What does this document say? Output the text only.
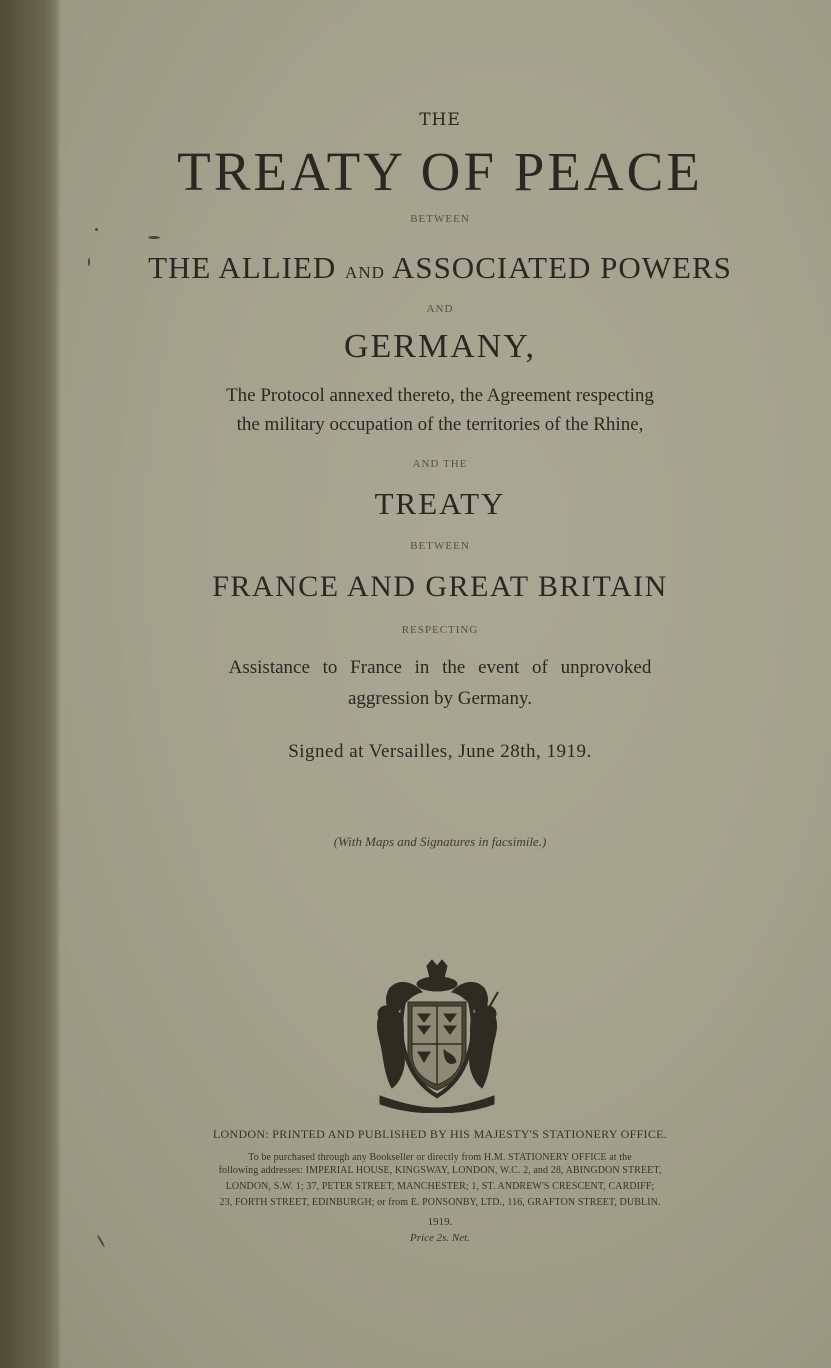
THE
TREATY OF PEACE
BETWEEN
THE ALLIED AND ASSOCIATED POWERS
AND
GERMANY,
The Protocol annexed thereto, the Agreement respecting
the military occupation of the territories of the Rhine,
AND THE
TREATY
BETWEEN
FRANCE AND GREAT BRITAIN
RESPECTING
Assistance to France in the event of unprovoked
aggression by Germany.
Signed at Versailles, June 28th, 1919.
(With Maps and Signatures in facsimile.)
LONDON: PRINTED AND PUBLISHED BY HIS MAJESTY'S STATIONERY OFFICE.
To be purchased through any Bookseller or directly from H.M. STATIONERY OFFICE at the
following addresses: IMPERIAL HOUSE, KINGSWAY, LONDON, W.C. 2, and 28, ABINGDON STREET,
LONDON, S.W. 1; 37, PETER STREET, MANCHESTER; 1, ST. ANDREW'S CRESCENT, CARDIFF;
23, FORTH STREET, EDINBURGH; or from E. PONSONBY, LTD., 116, GRAFTON STREET, DUBLIN.
1919.
Price 2s. Net.
